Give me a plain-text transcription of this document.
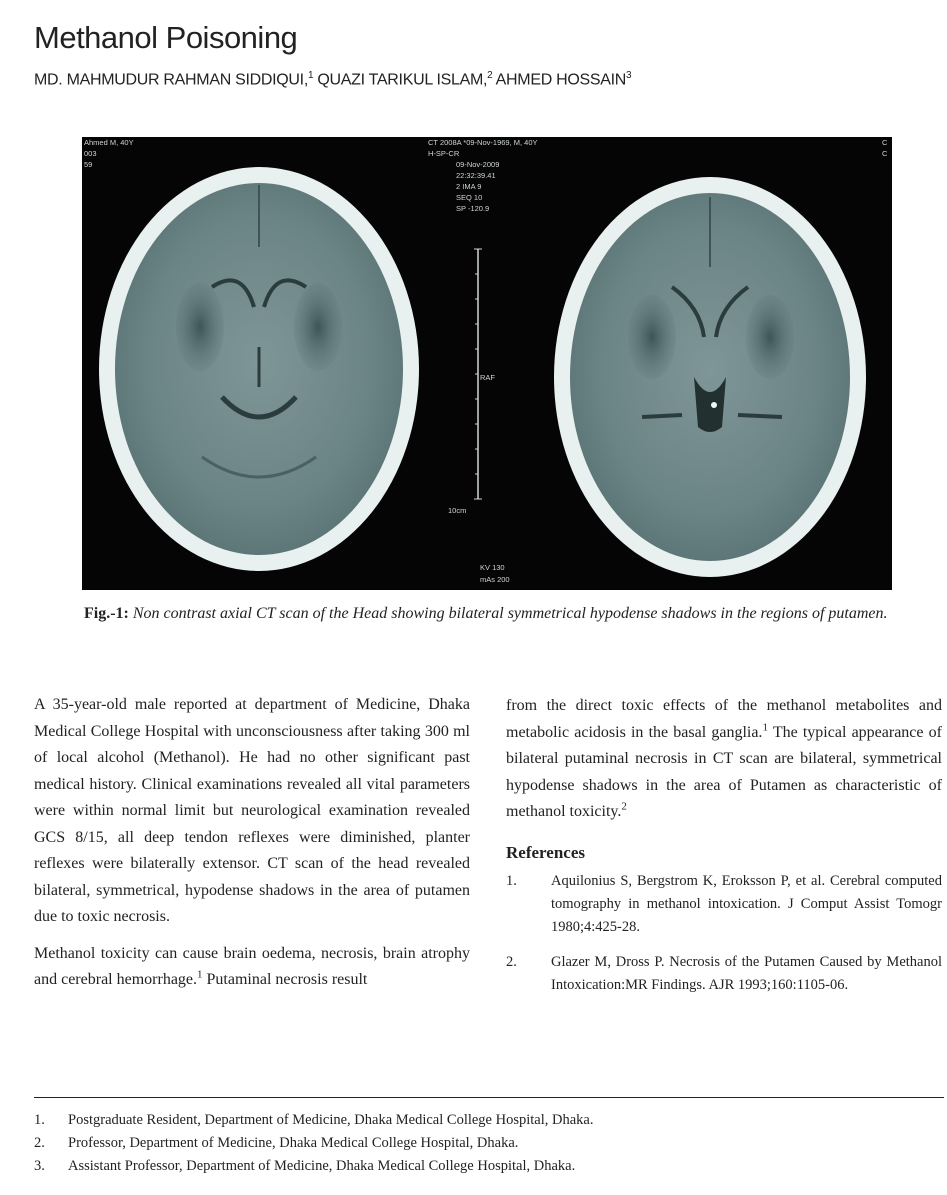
Methanol Poisoning
MD. MAHMUDUR RAHMAN SIDDIQUI,$^1$ QUAZI TARIKUL ISLAM,$^2$ AHMED HOSSAIN$^3$
Ahmed M, 40Y
003
59
CT 2008A *09-Nov-1969, M, 40Y
H-SP-CR
09-Nov-2009
22:32:39.41
2 IMA 9
SEQ 10
SP -120.9
C
C
RAF
10cm
KV 130
mAs 200
Fig.-1: Non contrast axial CT scan of the Head showing bilateral symmetrical hypodense shadows in the regions of putamen.

A 35-year-old male reported at department of Medicine, Dhaka Medical College Hospital with unconsciousness after taking 300 ml of local alcohol (Methanol). He had no other significant past medical history. Clinical examinations revealed all vital parameters were within normal limit but neurological examination revealed GCS 8/15, all deep tendon reflexes were diminished, planter reflexes were bilaterally extensor. CT scan of the head revealed bilateral, symmetrical, hypodense shadows in the area of putamen due to toxic necrosis.

Methanol toxicity can cause brain oedema, necrosis, brain atrophy and cerebral hemorrhage.$^1$ Putaminal necrosis result

from the direct toxic effects of the methanol metabolites and metabolic acidosis in the basal ganglia.$^1$ The typical appearance of bilateral putaminal necrosis in CT scan are bilateral, symmetrical hypodense shadows in the area of Putamen as characteristic of methanol toxicity.$^2$

References
1.	Aquilonius S, Bergstrom K, Eroksson P, et al. Cerebral computed tomography in methanol intoxication. J Comput Assist Tomogr 1980;4:425-28.
2.	Glazer M, Dross P. Necrosis of the Putamen Caused by Methanol Intoxication:MR Findings. AJR 1993;160:1105-06.
1.	Postgraduate Resident, Department of Medicine, Dhaka Medical College Hospital, Dhaka.
2.	Professor, Department of Medicine, Dhaka Medical College Hospital, Dhaka.
3.	Assistant Professor, Department of Medicine, Dhaka Medical College Hospital, Dhaka.
